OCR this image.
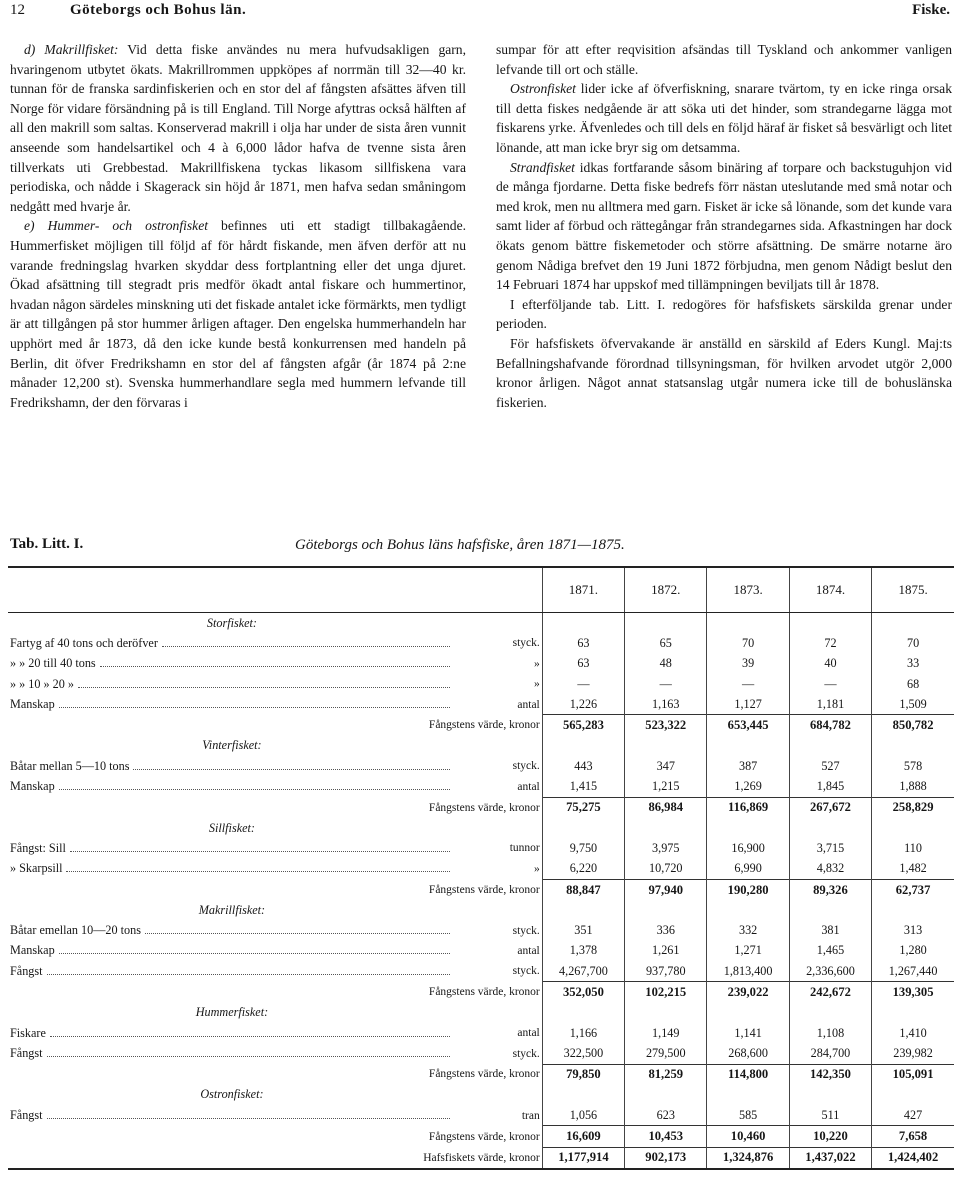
12	Göteborgs och Bohus län.	Fiske.

d) Makrillfisket: Vid detta fiske användes nu mera hufvudsakligen garn, hvaringenom utbytet ökats. Makrillrommen uppköpes af norrmän till 32—40 kr. tunnan för de franska sardinfiskerien och en stor del af fångsten afsättes äfven till Norge för vidare försändning på is till England. Till Norge afyttras också hälften af all den makrill som saltas. Konserverad makrill i olja har under de sista åren vunnit anseende som handelsartikel och 4 à 6,000 lådor hafva de tvenne sista åren tillverkats uti Grebbestad. Makrillfiskena tyckas likasom sillfiskena vara periodiska, och nådde i Skagerack sin höjd år 1871, men hafva sedan småningom nedgått med hvarje år.

e) Hummer- och ostronfisket befinnes uti ett stadigt tillbakagående. Hummerfisket möjligen till följd af för hårdt fiskande, men äfven derför att nu varande fredningslag hvarken skyddar dess fortplantning eller det unga djuret. Ökad afsättning till stegradt pris medför ökadt antal fiskare och hummertinor, hvadan någon särdeles minskning uti det fiskade antalet icke förmärkts, men tydligt är att tillgången på stor hummer årligen aftager. Den engelska hummerhandeln har upphört med år 1873, då den icke kunde bestå konkurrensen med handeln på Berlin, dit öfver Fredrikshamn en stor del af fångsten afgår (år 1874 på 2:ne månader 12,200 st). Svenska hummerhandlare segla med hummern lefvande till Fredrikshamn, der den förvaras i

sumpar för att efter reqvisition afsändas till Tyskland och ankommer vanligen lefvande till ort och ställe.

Ostronfisket lider icke af öfverfiskning, snarare tvärtom, ty en icke ringa orsak till detta fiskes nedgående är att söka uti det hinder, som strandegarne lägga mot fiskarens yrke. Äfvenledes och till dels en följd häraf är fisket så besvärligt och litet lönande, att man icke bryr sig om detsamma.

Strandfisket idkas fortfarande såsom binäring af torpare och backstuguhjon vid de många fjordarne. Detta fiske bedrefs förr nästan uteslutande med små notar och med krok, men nu alltmera med garn. Fisket är icke så lönande, som det kunde vara samt lider af förbud och rättegångar från strandegarnes sida. Afkastningen har dock ökats genom bättre fiskemetoder och större afsättning. De smärre notarne äro genom Nådiga brefvet den 19 Juni 1872 förbjudna, men genom Nådigt beslut den 14 Februari 1874 har uppskof med tillämpningen beviljats till år 1878.

I efterföljande tab. Litt. I. redogöres för hafsfiskets särskilda grenar under perioden.

För hafsfiskets öfvervakande är anställd en särskild af Eders Kungl. Maj:ts Befallningshafvande förordnad tillsyningsman, för hvilken arvodet utgör 2,000 kronor årligen. Något annat statsanslag utgår numera icke till de bohuslänska fiskerien.

Tab. Litt. I.	Göteborgs och Bohus läns hafsfiske, åren 1871—1875.
		1871.	1872.	1873.	1874.	1875.
Storfisket:						

Fartyg af 40 tons och deröfver	styck.	63	65	70	72	70

» » 20 till 40 tons	»	63	48	39	40	33

» » 10 » 20 »	»	—	—	—	—	68

Manskap	antal	1,226	1,163	1,127	1,181	1,509
Fångstens värde, kronor		565,283	523,322	653,445	684,782	850,782
Vinterfisket:						

Båtar mellan 5—10 tons	styck.	443	347	387	527	578

Manskap	antal	1,415	1,215	1,269	1,845	1,888
Fångstens värde, kronor		75,275	86,984	116,869	267,672	258,829
Sillfisket:						

Fångst: Sill	tunnor	9,750	3,975	16,900	3,715	110

» Skarpsill	»	6,220	10,720	6,990	4,832	1,482
Fångstens värde, kronor		88,847	97,940	190,280	89,326	62,737
Makrillfisket:						

Båtar emellan 10—20 tons	styck.	351	336	332	381	313

Manskap	antal	1,378	1,261	1,271	1,465	1,280

Fångst	styck.	4,267,700	937,780	1,813,400	2,336,600	1,267,440
Fångstens värde, kronor		352,050	102,215	239,022	242,672	139,305
Hummerfisket:						

Fiskare	antal	1,166	1,149	1,141	1,108	1,410

Fångst	styck.	322,500	279,500	268,600	284,700	239,982
Fångstens värde, kronor		79,850	81,259	114,800	142,350	105,091
Ostronfisket:						

Fångst	tran	1,056	623	585	511	427
Fångstens värde, kronor		16,609	10,453	10,460	10,220	7,658
Hafsfiskets värde, kronor		1,177,914	902,173	1,324,876	1,437,022	1,424,402
